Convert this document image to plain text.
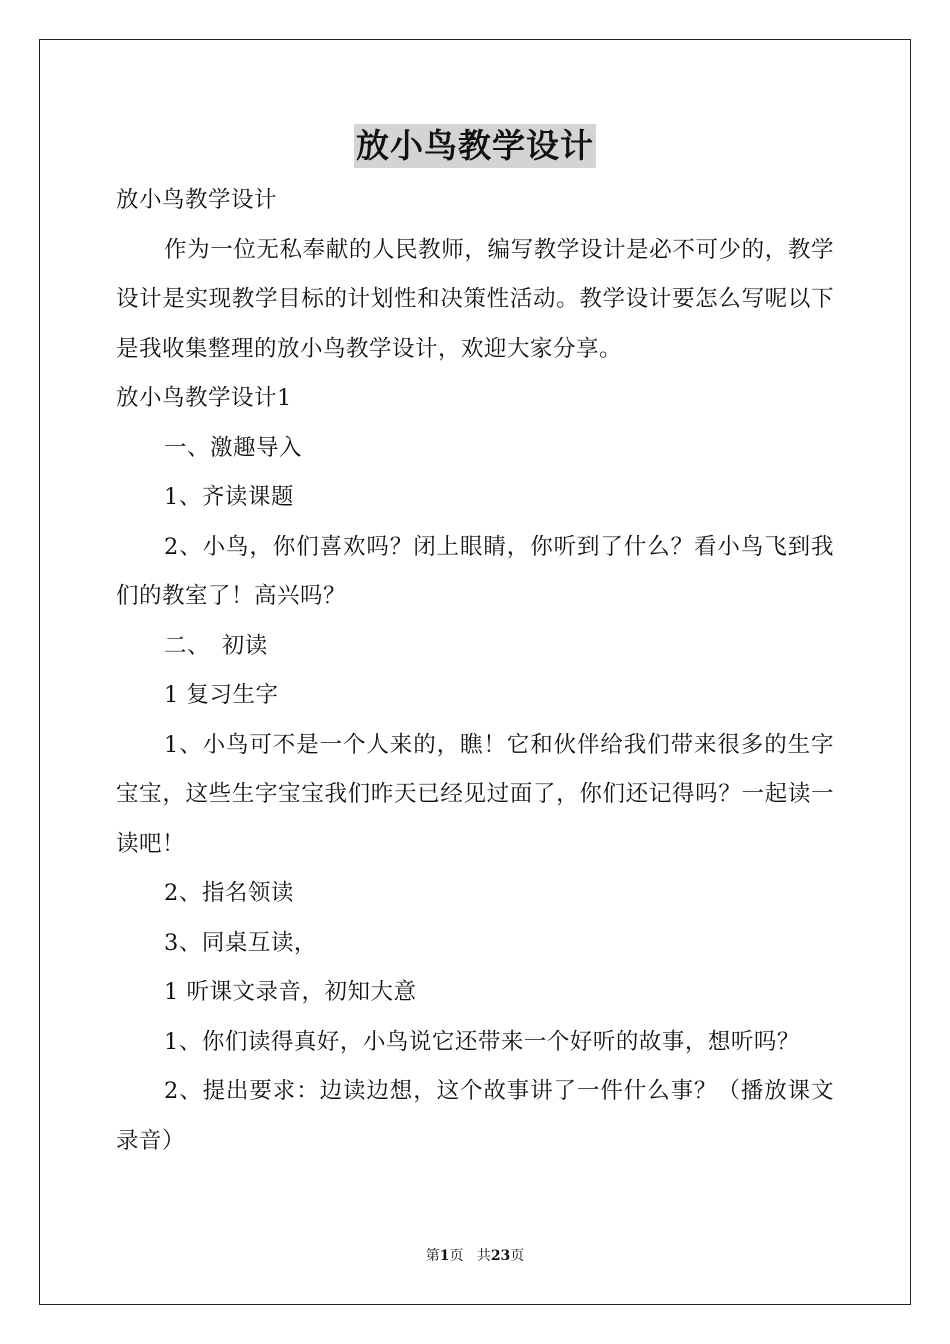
放小鸟教学设计

放小鸟教学设计

作为一位无私奉献的人民教师，编写教学设计是必不可少的，教学设计是实现教学目标的计划性和决策性活动。教学设计要怎么写呢以下是我收集整理的放小鸟教学设计，欢迎大家分享。

放小鸟教学设计1

一、激趣导入

1、齐读课题

2、小鸟，你们喜欢吗？闭上眼睛，你听到了什么？看小鸟飞到我们的教室了！高兴吗？

二、　初读

1 复习生字

1、小鸟可不是一个人来的，瞧！它和伙伴给我们带来很多的生字宝宝，这些生字宝宝我们昨天已经见过面了，你们还记得吗？一起读一读吧！

2、指名领读

3、同桌互读，

1 听课文录音，初知大意

1、你们读得真好，小鸟说它还带来一个好听的故事，想听吗？

2、提出要求：边读边想，这个故事讲了一件什么事？（播放课文录音）

第1页 共23页
